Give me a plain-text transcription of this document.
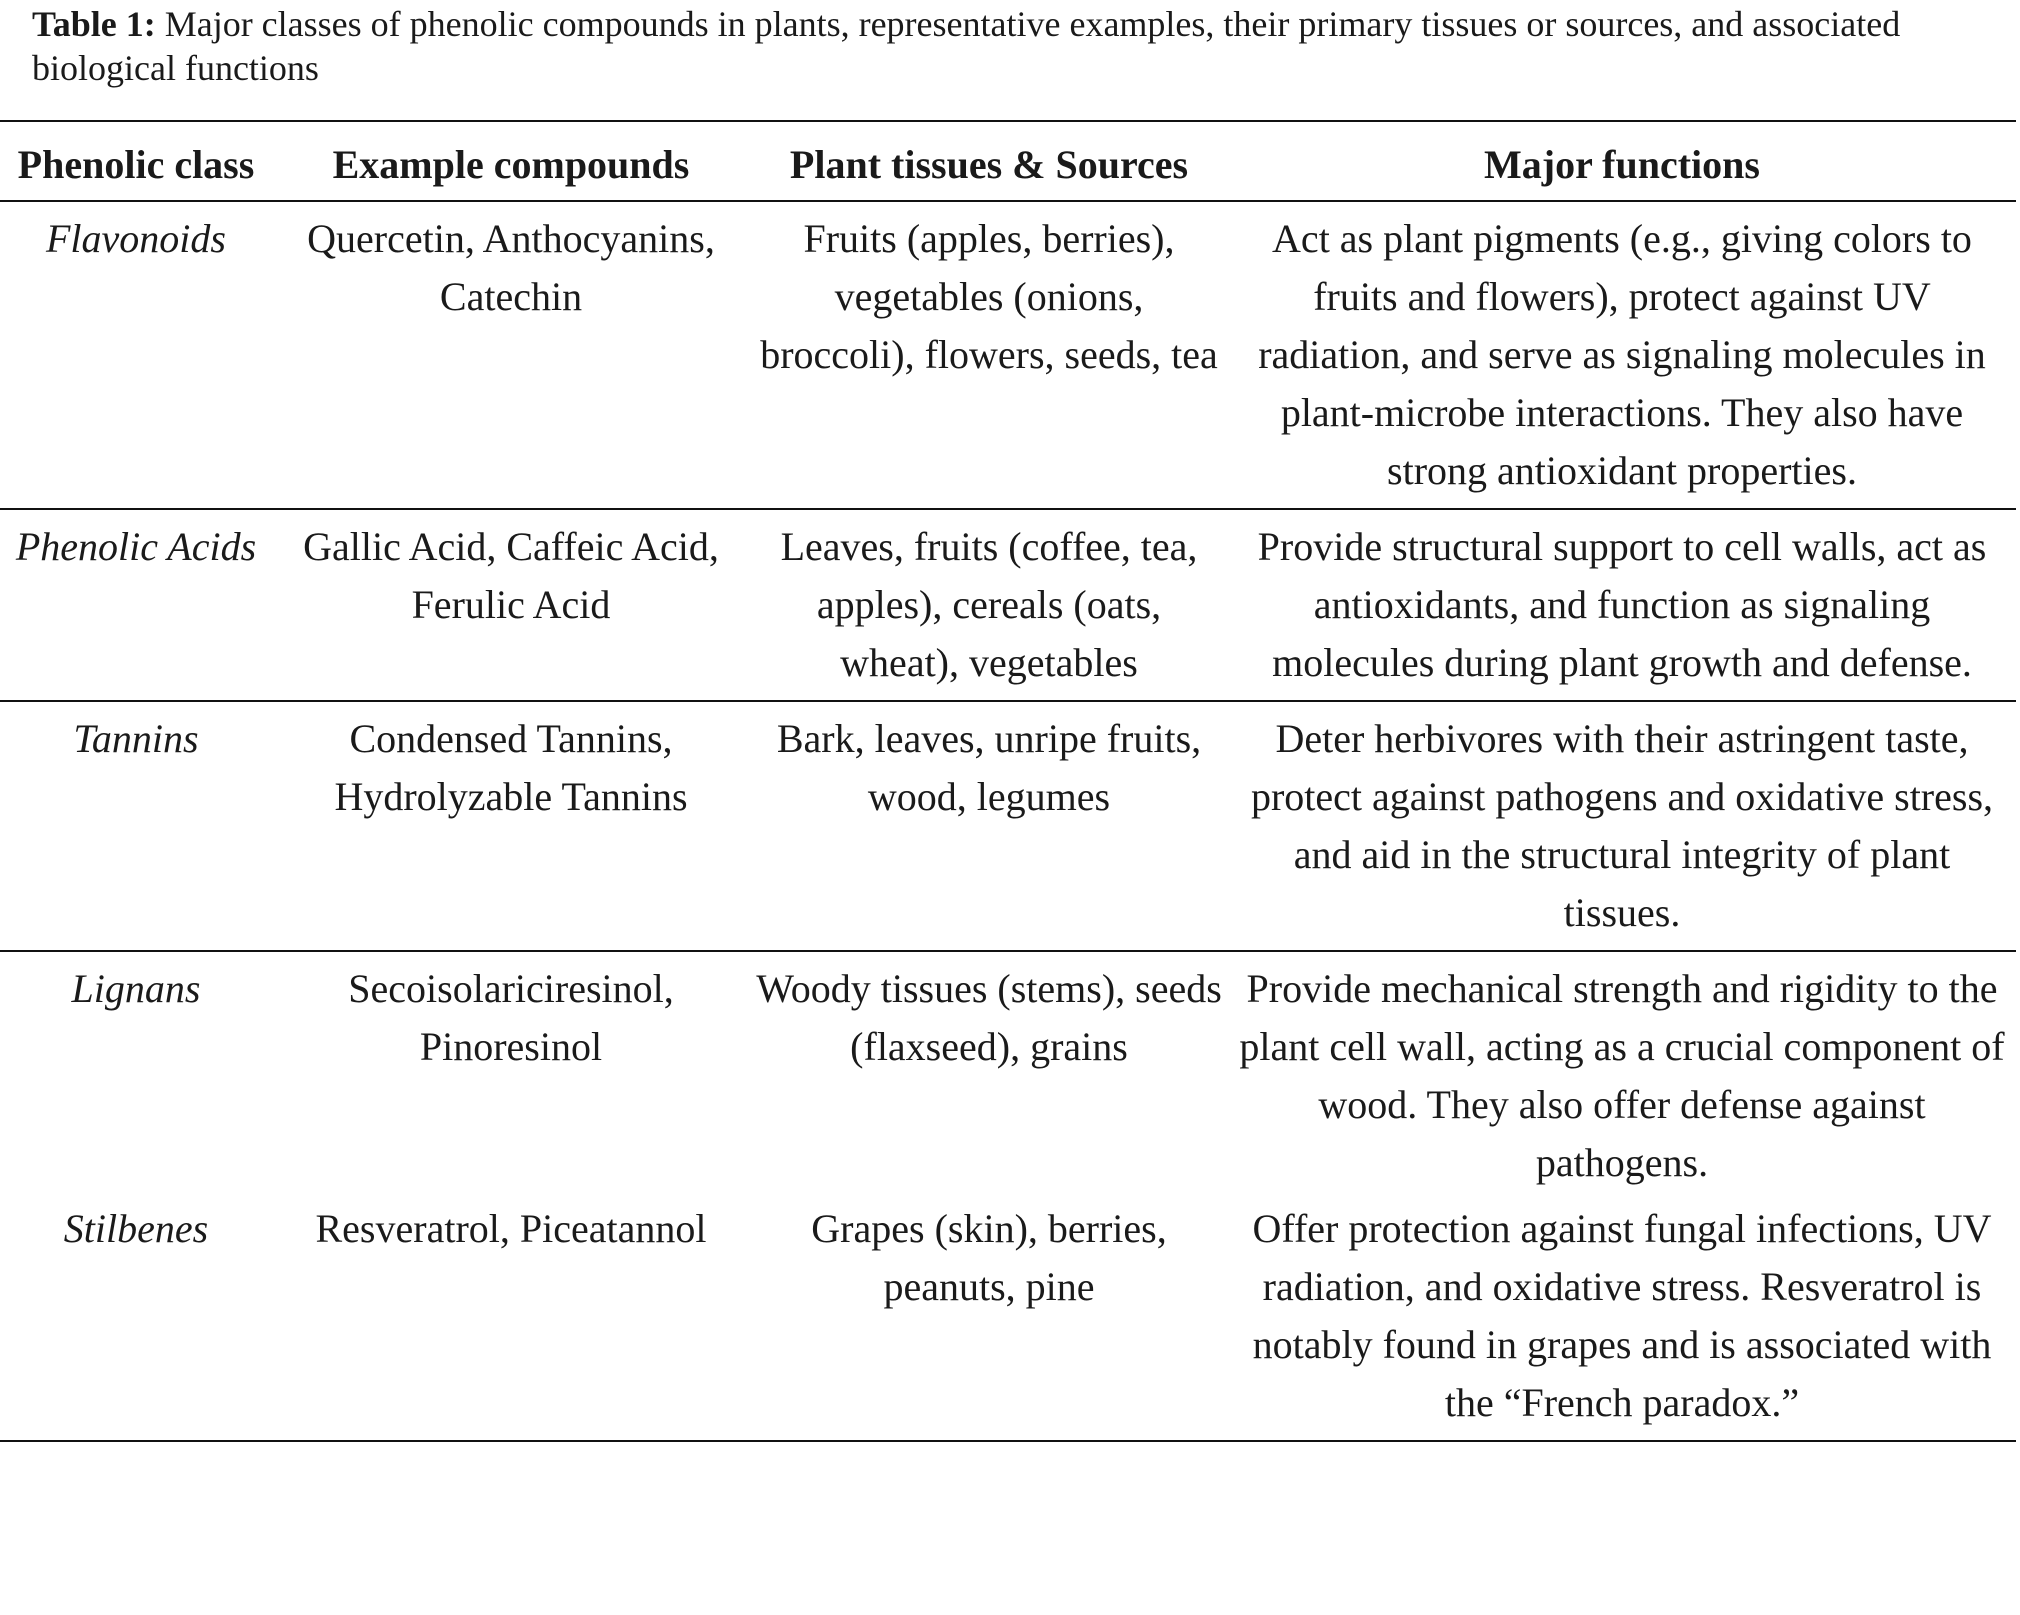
Table 1: Major classes of phenolic compounds in plants, representative examples, their primary tissues or sources, and associated biological functions
Phenolic class	Example compounds	Plant tissues & Sources	Major functions
Flavonoids	Quercetin, Anthocyanins, Catechin	Fruits (apples, berries), vegetables (onions, broccoli), flowers, seeds, tea	Act as plant pigments (e.g., giving colors to fruits and flowers), protect against UV radiation, and serve as signaling molecules in plant-microbe interactions. They also have strong antioxidant properties.
Phenolic Acids	Gallic Acid, Caffeic Acid, Ferulic Acid	Leaves, fruits (coffee, tea, apples), cereals (oats, wheat), vegetables	Provide structural support to cell walls, act as antioxidants, and function as signaling molecules during plant growth and defense.
Tannins	Condensed Tannins, Hydrolyzable Tannins	Bark, leaves, unripe fruits, wood, legumes	Deter herbivores with their astringent taste, protect against pathogens and oxidative stress, and aid in the structural integrity of plant tissues.
Lignans	Secoisolariciresinol, Pinoresinol	Woody tissues (stems), seeds (flaxseed), grains	Provide mechanical strength and rigidity to the plant cell wall, acting as a crucial component of wood. They also offer defense against pathogens.
Stilbenes	Resveratrol, Piceatannol	Grapes (skin), berries, peanuts, pine	Offer protection against fungal infections, UV radiation, and oxidative stress. Resveratrol is notably found in grapes and is associated with the “French paradox.”
